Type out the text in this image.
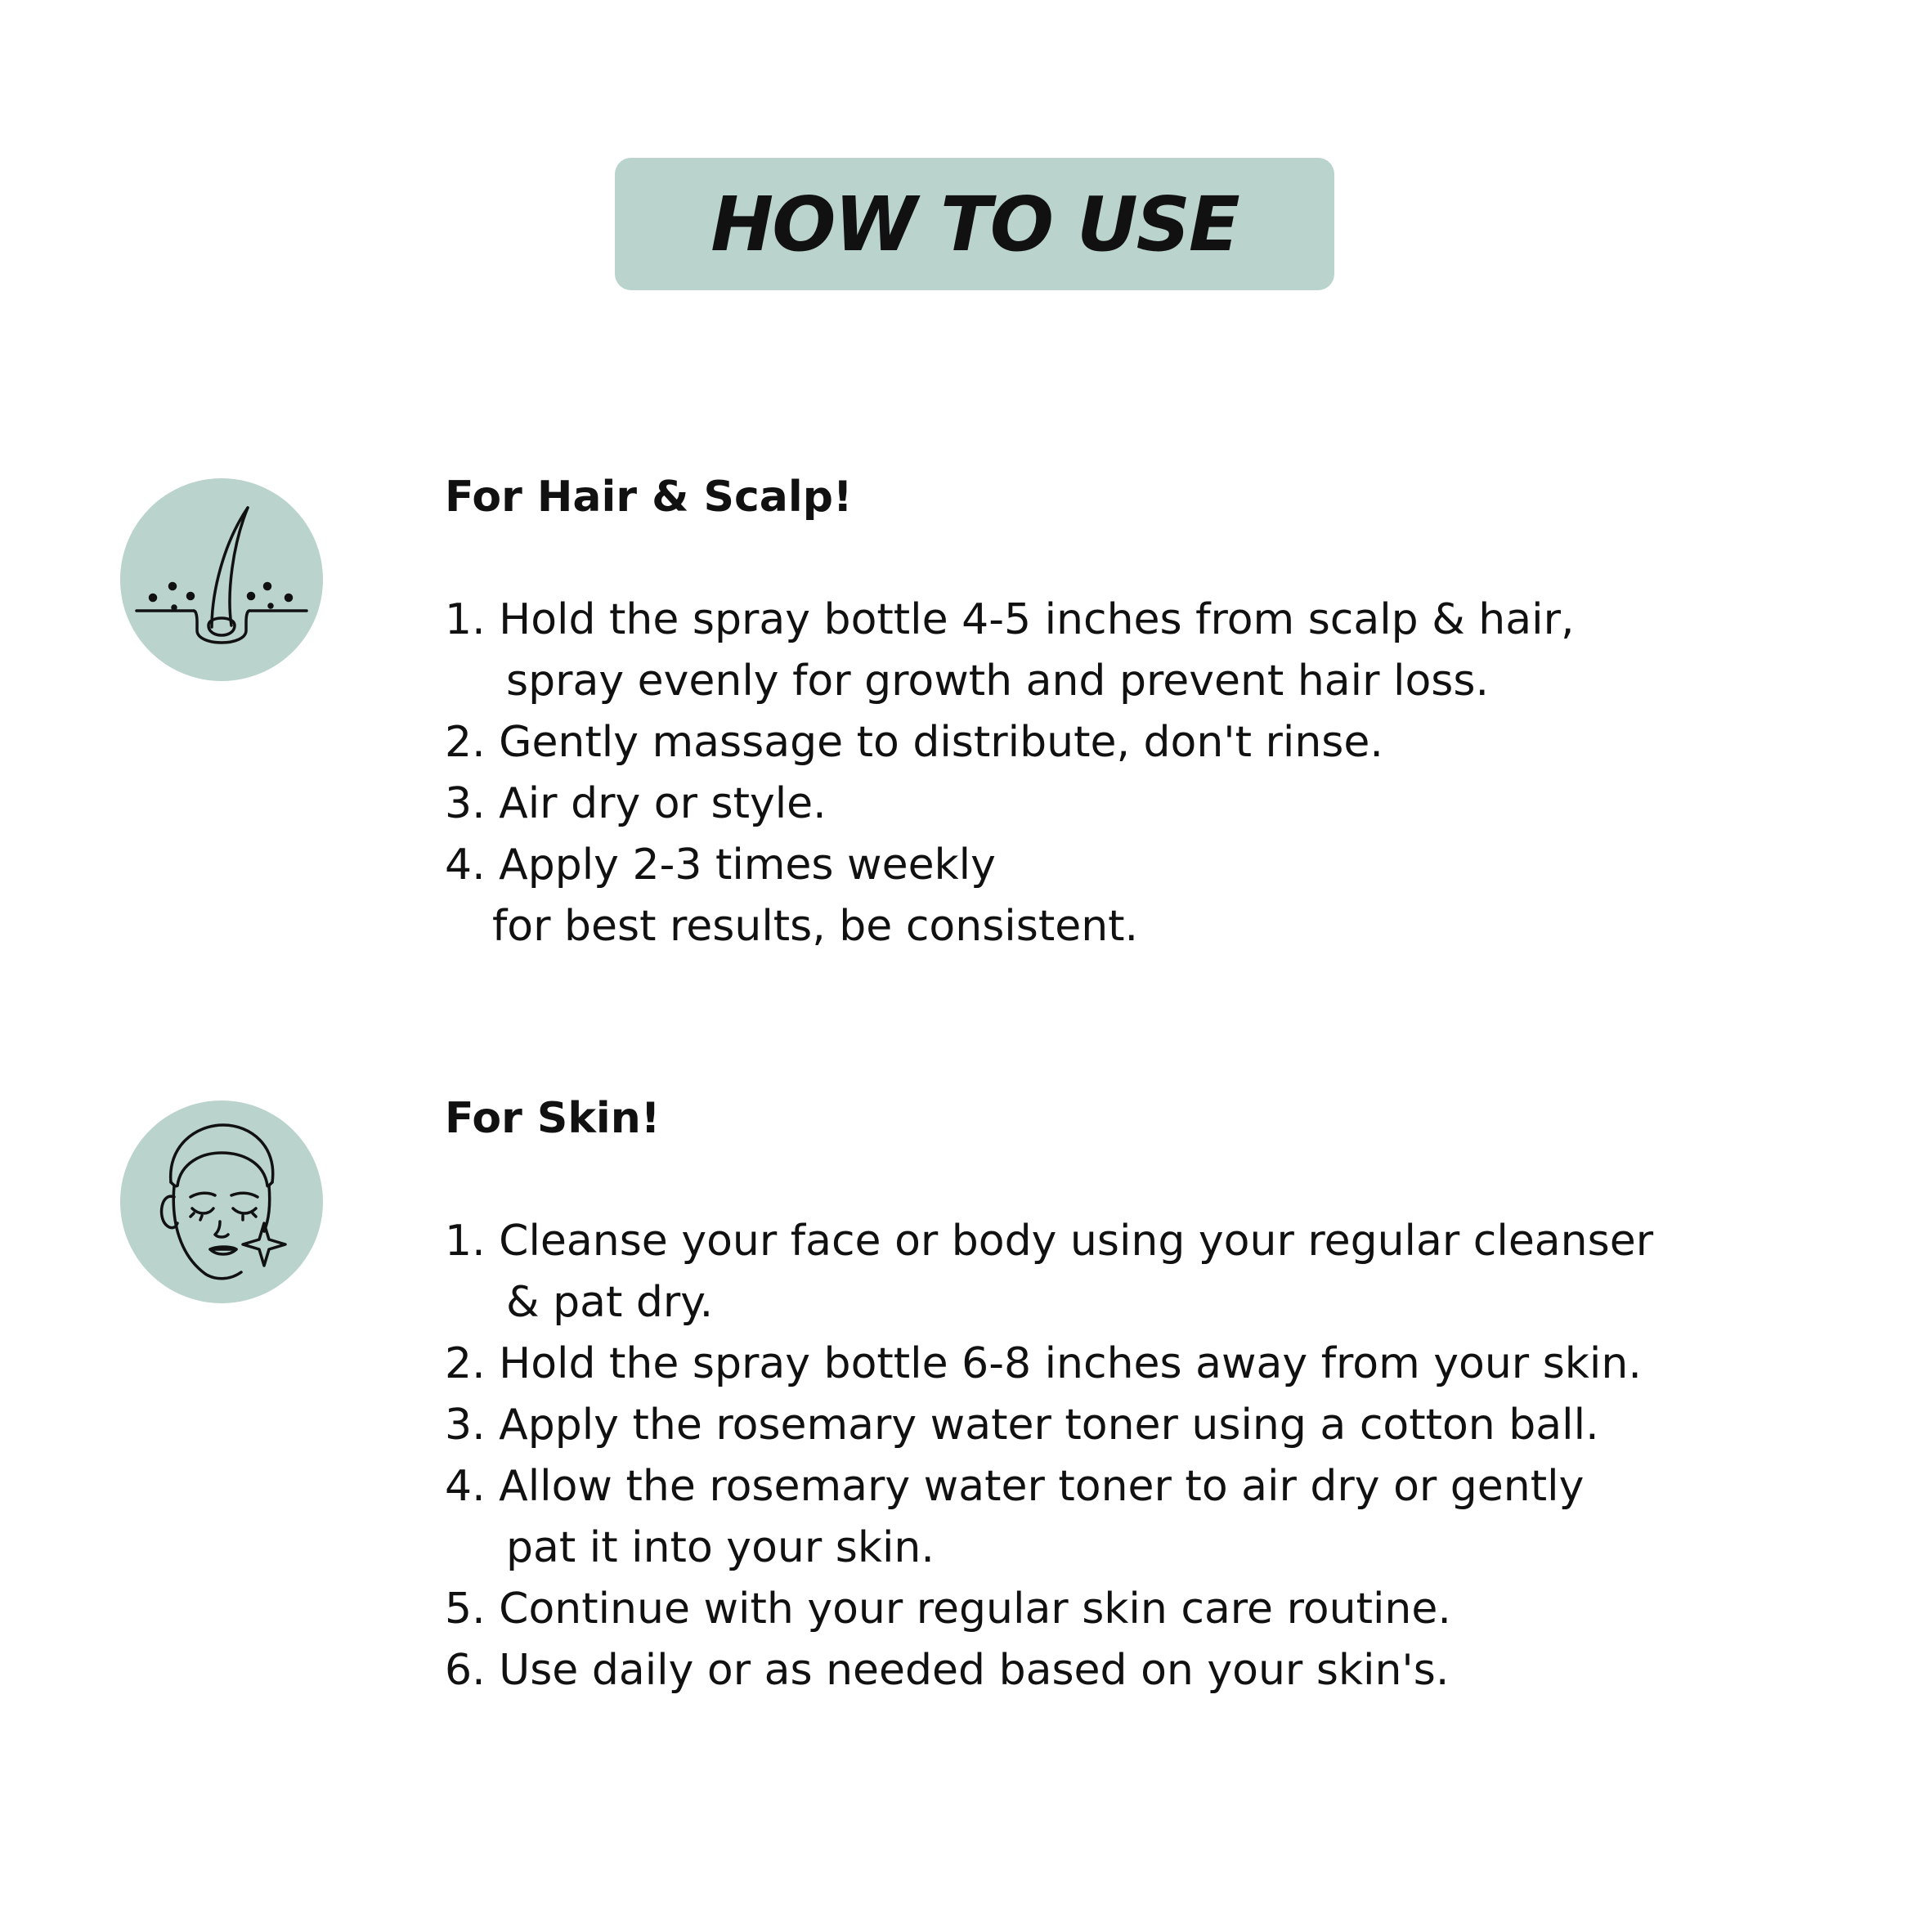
HOW TO USE
For Hair & Scalp!
1. Hold the spray bottle 4-5 inches from scalp & hair,
spray evenly for growth and prevent hair loss.
2. Gently massage to distribute, don't rinse.
3. Air dry or style.
4. Apply 2-3 times weekly
for best results, be consistent.
For Skin!
1. Cleanse your face or body using your regular cleanser
& pat dry.
2. Hold the spray bottle 6-8 inches away from your skin.
3. Apply the rosemary water toner using a cotton ball.
4. Allow the rosemary water toner to air dry or gently
pat it into your skin.
5. Continue with your regular skin care routine.
6. Use daily or as needed based on your skin's.
